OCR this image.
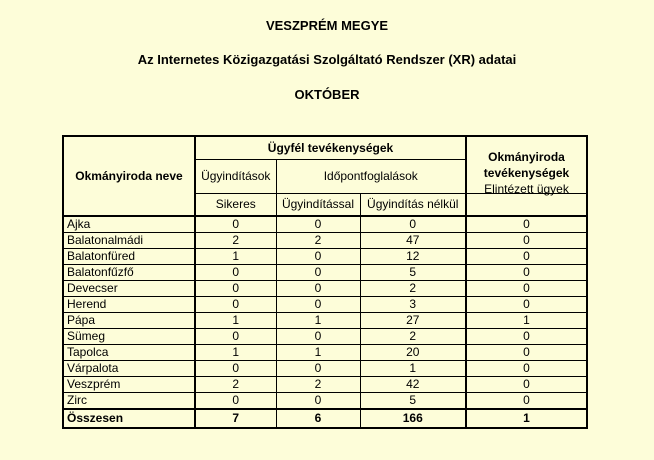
VESZPRÉM MEGYE
Az Internetes Közigazgatási Szolgáltató Rendszer (XR) adatai
OKTÓBER
Okmányiroda neve	Ügyfél tevékenységek			Okmányiroda
tevékenységek
	Ügyindítások	Időpontfoglalások		
	Sikeres	Ügyindítással	Ügyindítás nélkül	Elintézett ügyek

Ajka	0	0	0	0
Balatonalmádi	2	2	47	0
Balatonfüred	1	0	12	0
Balatonfűzfő	0	0	5	0
Devecser	0	0	2	0
Herend	0	0	3	0
Pápa	1	1	27	1
Sümeg	0	0	2	0
Tapolca	1	1	20	0
Várpalota	0	0	1	0
Veszprém	2	2	42	0
Zirc	0	0	5	0
Összesen	7	6	166	1
